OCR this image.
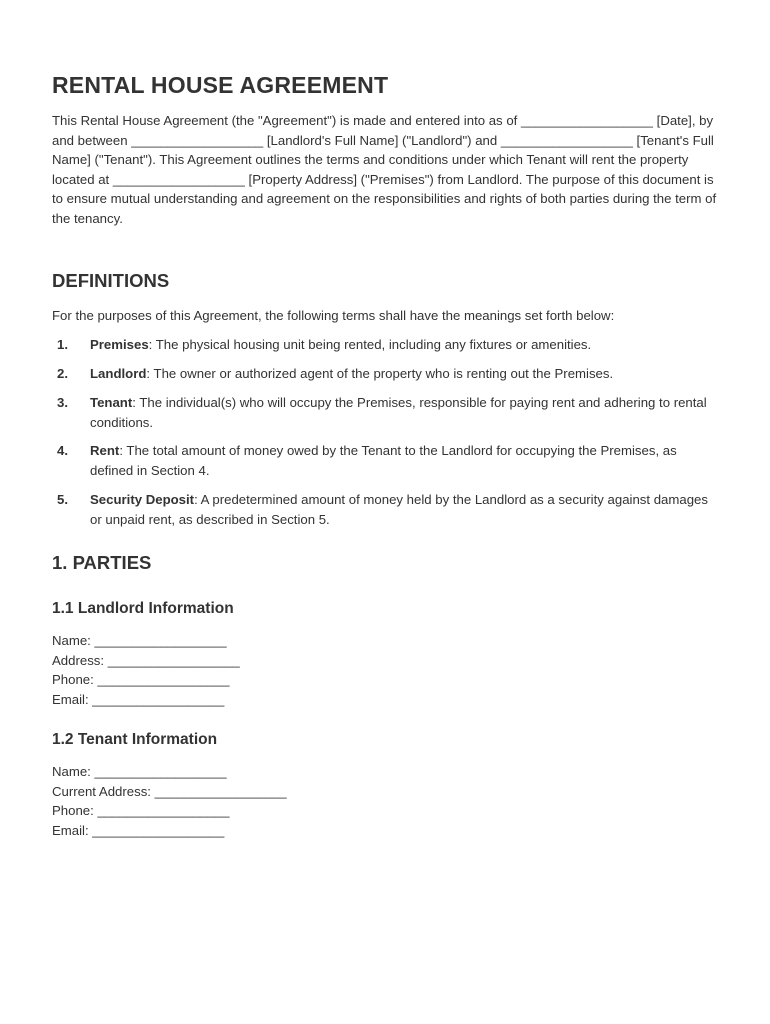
RENTAL HOUSE AGREEMENT

This Rental House Agreement (the "Agreement") is made and entered into as of __________________ [Date], by and between __________________ [Landlord's Full Name] ("Landlord") and __________________ [Tenant's Full Name] ("Tenant"). This Agreement outlines the terms and conditions under which Tenant will rent the property located at __________________ [Property Address] ("Premises") from Landlord. The purpose of this document is to ensure mutual understanding and agreement on the responsibilities and rights of both parties during the term of the tenancy.

DEFINITIONS

For the purposes of this Agreement, the following terms shall have the meanings set forth below:

1. Premises: The physical housing unit being rented, including any fixtures or amenities.
2. Landlord: The owner or authorized agent of the property who is renting out the Premises.
3. Tenant: The individual(s) who will occupy the Premises, responsible for paying rent and adhering to rental conditions.
4. Rent: The total amount of money owed by the Tenant to the Landlord for occupying the Premises, as defined in Section 4.
5. Security Deposit: A predetermined amount of money held by the Landlord as a security against damages or unpaid rent, as described in Section 5.
1. PARTIES
1.1 Landlord Information
Name: __________________
Address: __________________
Phone: __________________
Email: __________________
1.2 Tenant Information
Name: __________________
Current Address: __________________
Phone: __________________
Email: __________________
